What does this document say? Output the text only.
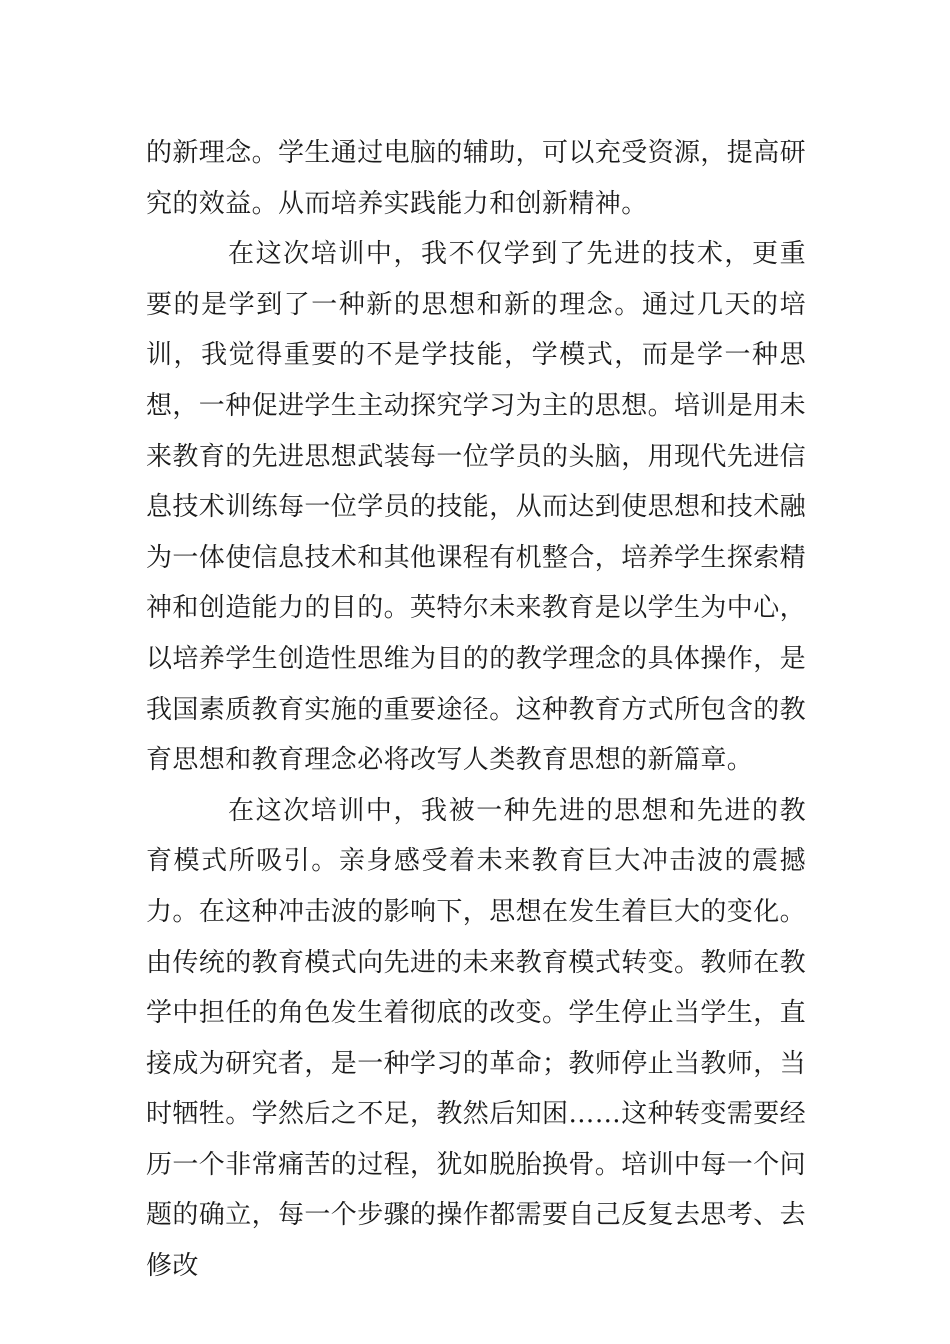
的新理念。学生通过电脑的辅助，可以充受资源，提高研究的效益。从而培养实践能力和创新精神。

在这次培训中，我不仅学到了先进的技术，更重要的是学到了一种新的思想和新的理念。通过几天的培训，我觉得重要的不是学技能，学模式，而是学一种思想，一种促进学生主动探究学习为主的思想。培训是用未来教育的先进思想武装每一位学员的头脑，用现代先进信息技术训练每一位学员的技能，从而达到使思想和技术融为一体使信息技术和其他课程有机整合，培养学生探索精神和创造能力的目的。英特尔未来教育是以学生为中心，以培养学生创造性思维为目的的教学理念的具体操作，是我国素质教育实施的重要途径。这种教育方式所包含的教育思想和教育理念必将改写人类教育思想的新篇章。

在这次培训中，我被一种先进的思想和先进的教育模式所吸引。亲身感受着未来教育巨大冲击波的震撼力。在这种冲击波的影响下，思想在发生着巨大的变化。由传统的教育模式向先进的未来教育模式转变。教师在教学中担任的角色发生着彻底的改变。学生停止当学生，直接成为研究者，是一种学习的革命；教师停止当教师，当时牺牲。学然后之不足，教然后知困……这种转变需要经历一个非常痛苦的过程，犹如脱胎换骨。培训中每一个问题的确立，每一个步骤的操作都需要自己反复去思考、去修改
